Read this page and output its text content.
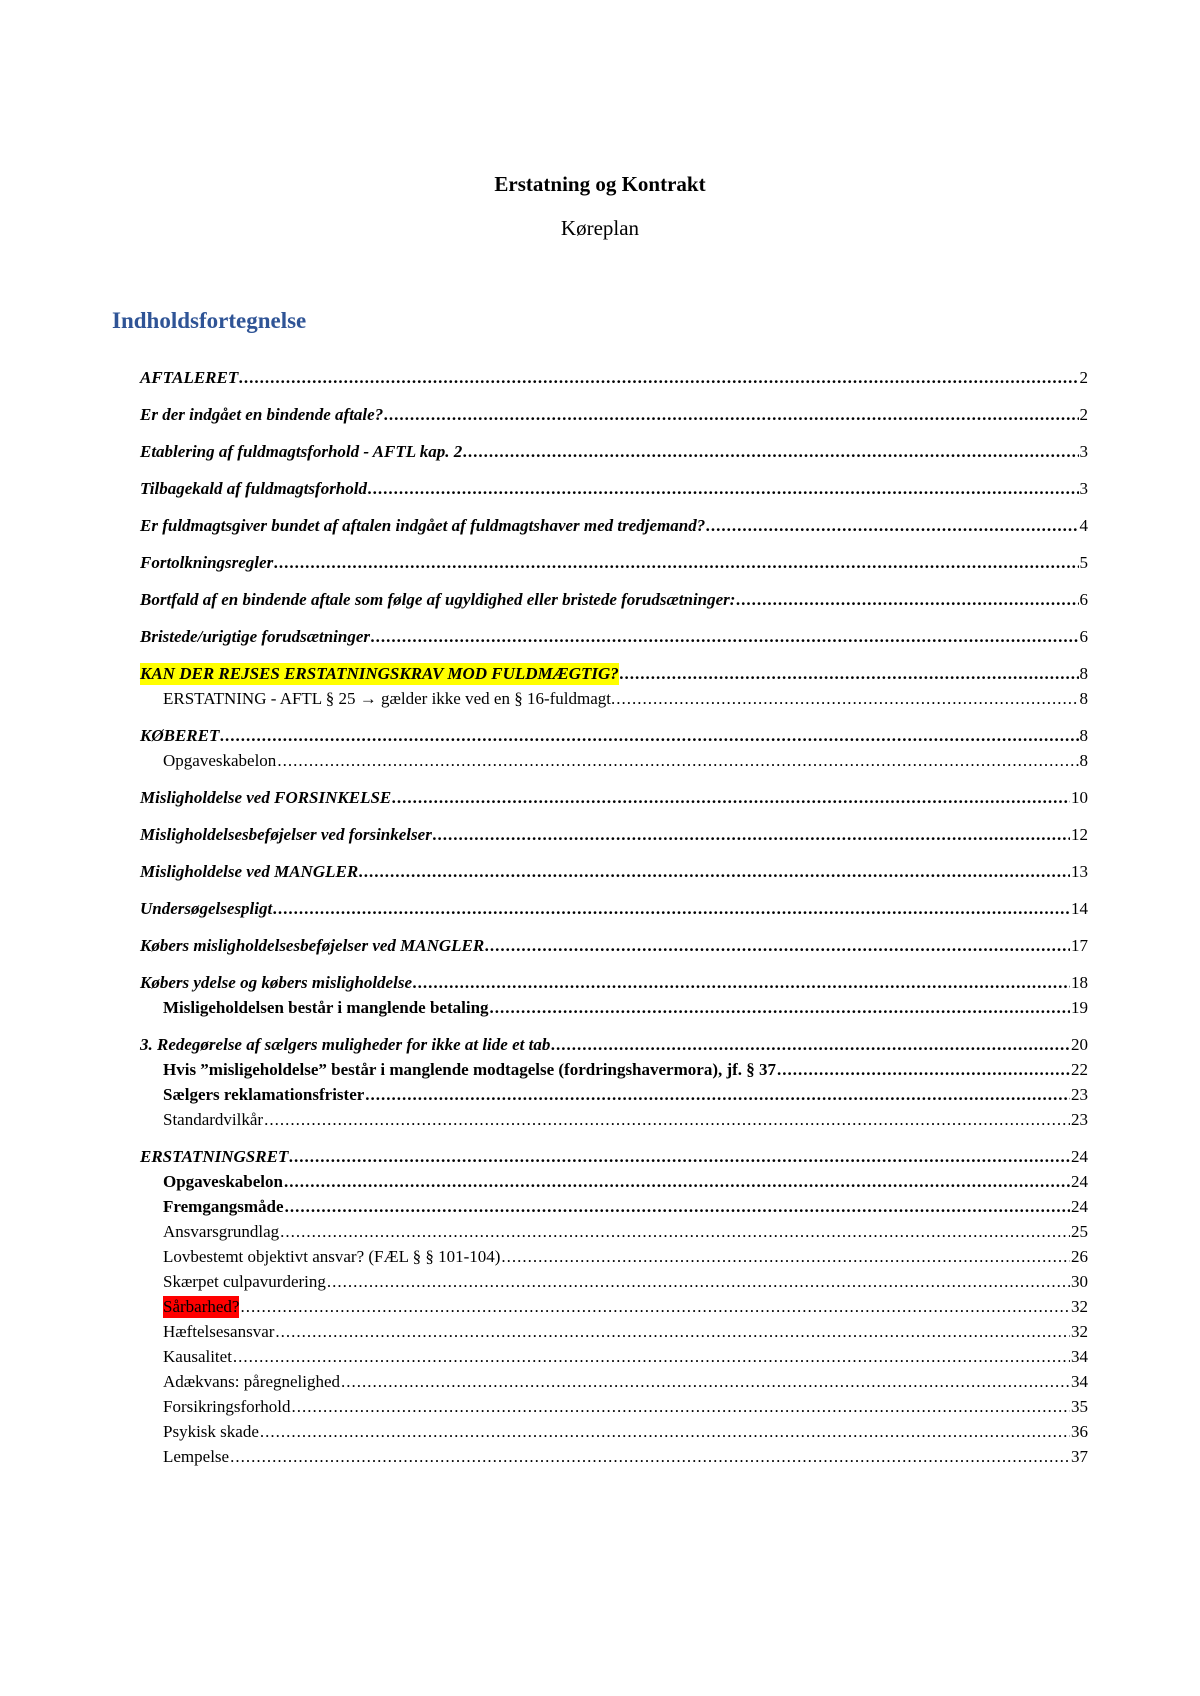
Erstatning og Kontrakt
Køreplan
Indholdsfortegnelse
AFTALERET .....	2
Er der indgået en bindende aftale? .....	2
Etablering af fuldmagtsforhold - AFTL kap. 2 .....	3
Tilbagekald af fuldmagtsforhold .....	3
Er fuldmagtsgiver bundet af aftalen indgået af fuldmagtshaver med tredjemand? .....	4
Fortolkningsregler .....	5
Bortfald af en bindende aftale som følge af ugyldighed eller bristede forudsætninger: .....	6
Bristede/urigtige forudsætninger .....	6
KAN DER REJSES ERSTATNINGSKRAV MOD FULDMÆGTIG? .....	8
ERSTATNING - AFTL § 25 → gælder ikke ved en § 16-fuldmagt. .....	8
KØBERET .....	8
Opgaveskabelon .....	8
Misligholdelse ved FORSINKELSE .....	10
Misligholdelsesbeføjelser ved forsinkelser .....	12
Misligholdelse ved MANGLER .....	13
Undersøgelsespligt .....	14
Købers misligholdelsesbeføjelser ved MANGLER .....	17
Købers ydelse og købers misligholdelse .....	18
Misligeholdelsen består i manglende betaling .....	19
3. Redegørelse af sælgers muligheder for ikke at lide et tab .....	20
Hvis ”misligeholdelse” består i manglende modtagelse (fordringshavermora), jf. § 37 .....	22
Sælgers reklamationsfrister .....	23
Standardvilkår .....	23
ERSTATNINGSRET .....	24
Opgaveskabelon .....	24
Fremgangsmåde .....	24
Ansvarsgrundlag .....	25
Lovbestemt objektivt ansvar? (FÆL § § 101-104) .....	26
Skærpet culpavurdering .....	30
Sårbarhed? .....	32
Hæftelsesansvar .....	32
Kausalitet .....	34
Adækvans: påregnelighed .....	34
Forsikringsforhold .....	35
Psykisk skade .....	36
Lempelse .....	37
